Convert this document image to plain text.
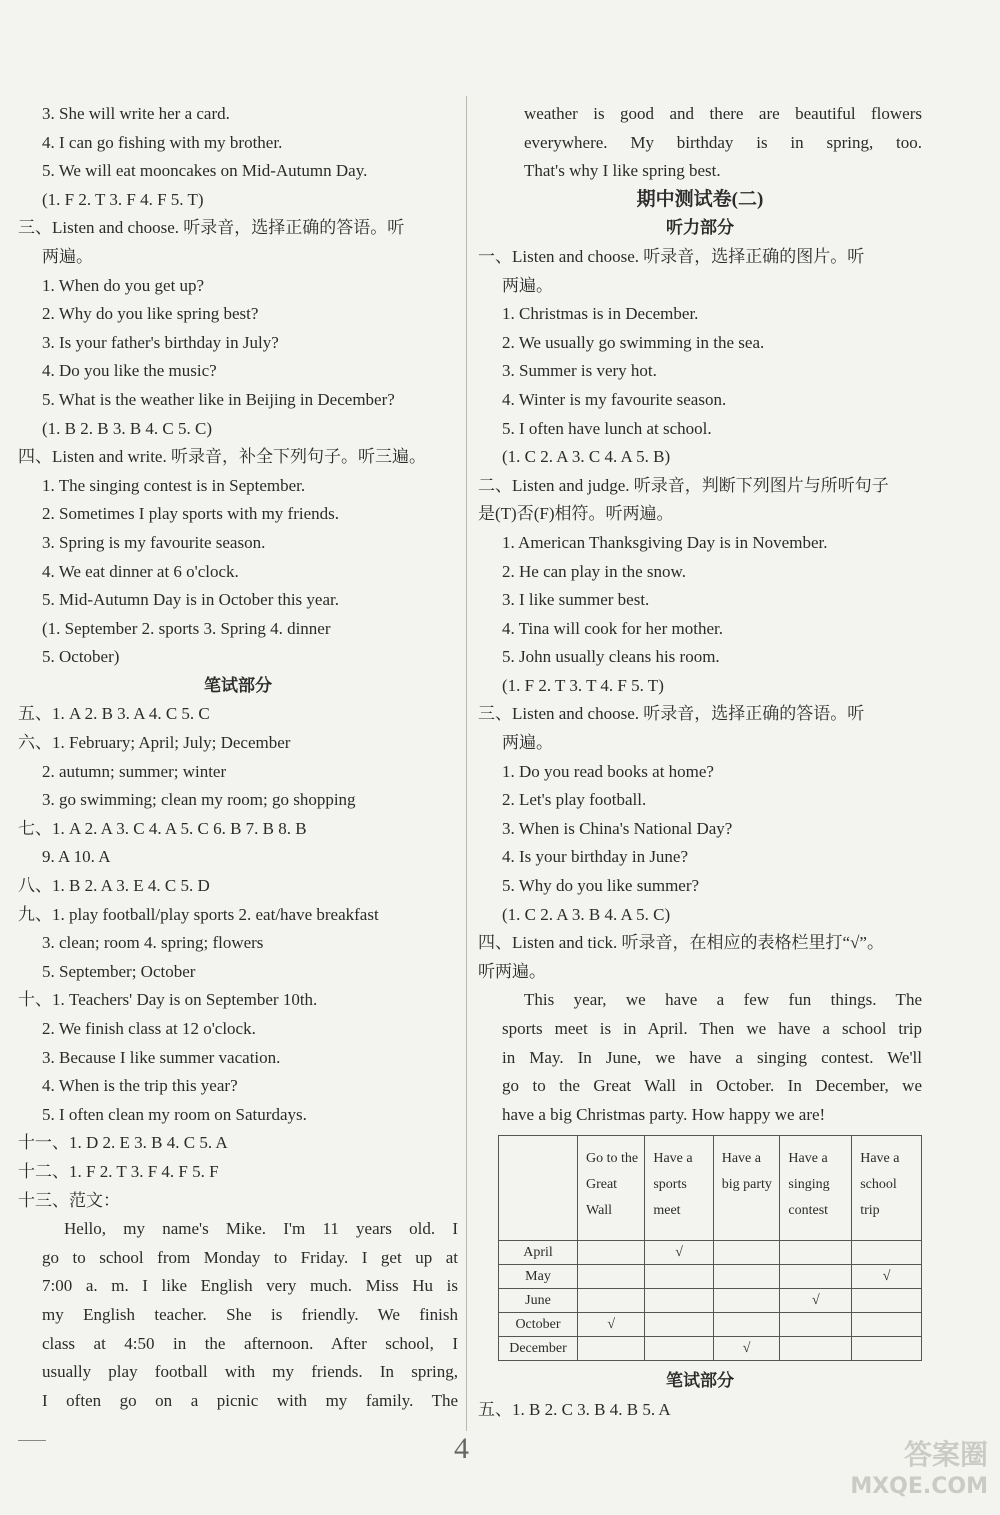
3. She will write her a card.
4. I can go fishing with my brother.
5. We will eat mooncakes on Mid-Autumn Day.
(1. F 2. T 3. F 4. F 5. T)
三、Listen and choose. 听录音，选择正确的答语。听
两遍。
1. When do you get up?
2. Why do you like spring best?
3. Is your father's birthday in July?
4. Do you like the music?
5. What is the weather like in Beijing in December?
(1. B 2. B 3. B 4. C 5. C)
四、Listen and write. 听录音，补全下列句子。听三遍。
1. The singing contest is in September.
2. Sometimes I play sports with my friends.
3. Spring is my favourite season.
4. We eat dinner at 6 o'clock.
5. Mid-Autumn Day is in October this year.
(1. September 2. sports 3. Spring 4. dinner
5. October)
笔试部分
五、1. A 2. B 3. A 4. C 5. C
六、1. February; April; July; December
2. autumn; summer; winter
3. go swimming; clean my room; go shopping
七、1. A 2. A 3. C 4. A 5. C 6. B 7. B 8. B
9. A 10. A
八、1. B 2. A 3. E 4. C 5. D
九、1. play football/play sports 2. eat/have breakfast
3. clean; room 4. spring; flowers
5. September; October
十、1. Teachers' Day is on September 10th.
2. We finish class at 12 o'clock.
3. Because I like summer vacation.
4. When is the trip this year?
5. I often clean my room on Saturdays.
十一、1. D 2. E 3. B 4. C 5. A
十二、1. F 2. T 3. F 4. F 5. F
十三、范文：
Hello, my name's Mike. I'm 11 years old. I
go to school from Monday to Friday. I get up at
7:00 a. m. I like English very much. Miss Hu is
my English teacher. She is friendly. We finish
class at 4:50 in the afternoon. After school, I
usually play football with my friends. In spring,
I often go on a picnic with my family. The
weather is good and there are beautiful flowers
everywhere. My birthday is in spring, too.
That's why I like spring best.
期中测试卷(二)
听力部分
一、Listen and choose. 听录音，选择正确的图片。听
两遍。
1. Christmas is in December.
2. We usually go swimming in the sea.
3. Summer is very hot.
4. Winter is my favourite season.
5. I often have lunch at school.
(1. C 2. A 3. C 4. A 5. B)
二、Listen and judge. 听录音，判断下列图片与所听句子
是(T)否(F)相符。听两遍。
1. American Thanksgiving Day is in November.
2. He can play in the snow.
3. I like summer best.
4. Tina will cook for her mother.
5. John usually cleans his room.
(1. F 2. T 3. T 4. F 5. T)
三、Listen and choose. 听录音，选择正确的答语。听
两遍。
1. Do you read books at home?
2. Let's play football.
3. When is China's National Day?
4. Is your birthday in June?
5. Why do you like summer?
(1. C 2. A 3. B 4. A 5. C)
四、Listen and tick. 听录音，在相应的表格栏里打“√”。
听两遍。
This year, we have a few fun things. The
sports meet is in April. Then we have a school trip
in May. In June, we have a singing contest. We'll
go to the Great Wall in October. In December, we
have a big Christmas party. How happy we are!
	Go to the Great Wall	Have a sports meet	Have a big party	Have a singing contest	Have a school trip
April		√			
May					√
June				√	
October	√				
December			√		
笔试部分
五、1. B 2. C 3. B 4. B 5. A
4	答案圈
MXQE.COM
